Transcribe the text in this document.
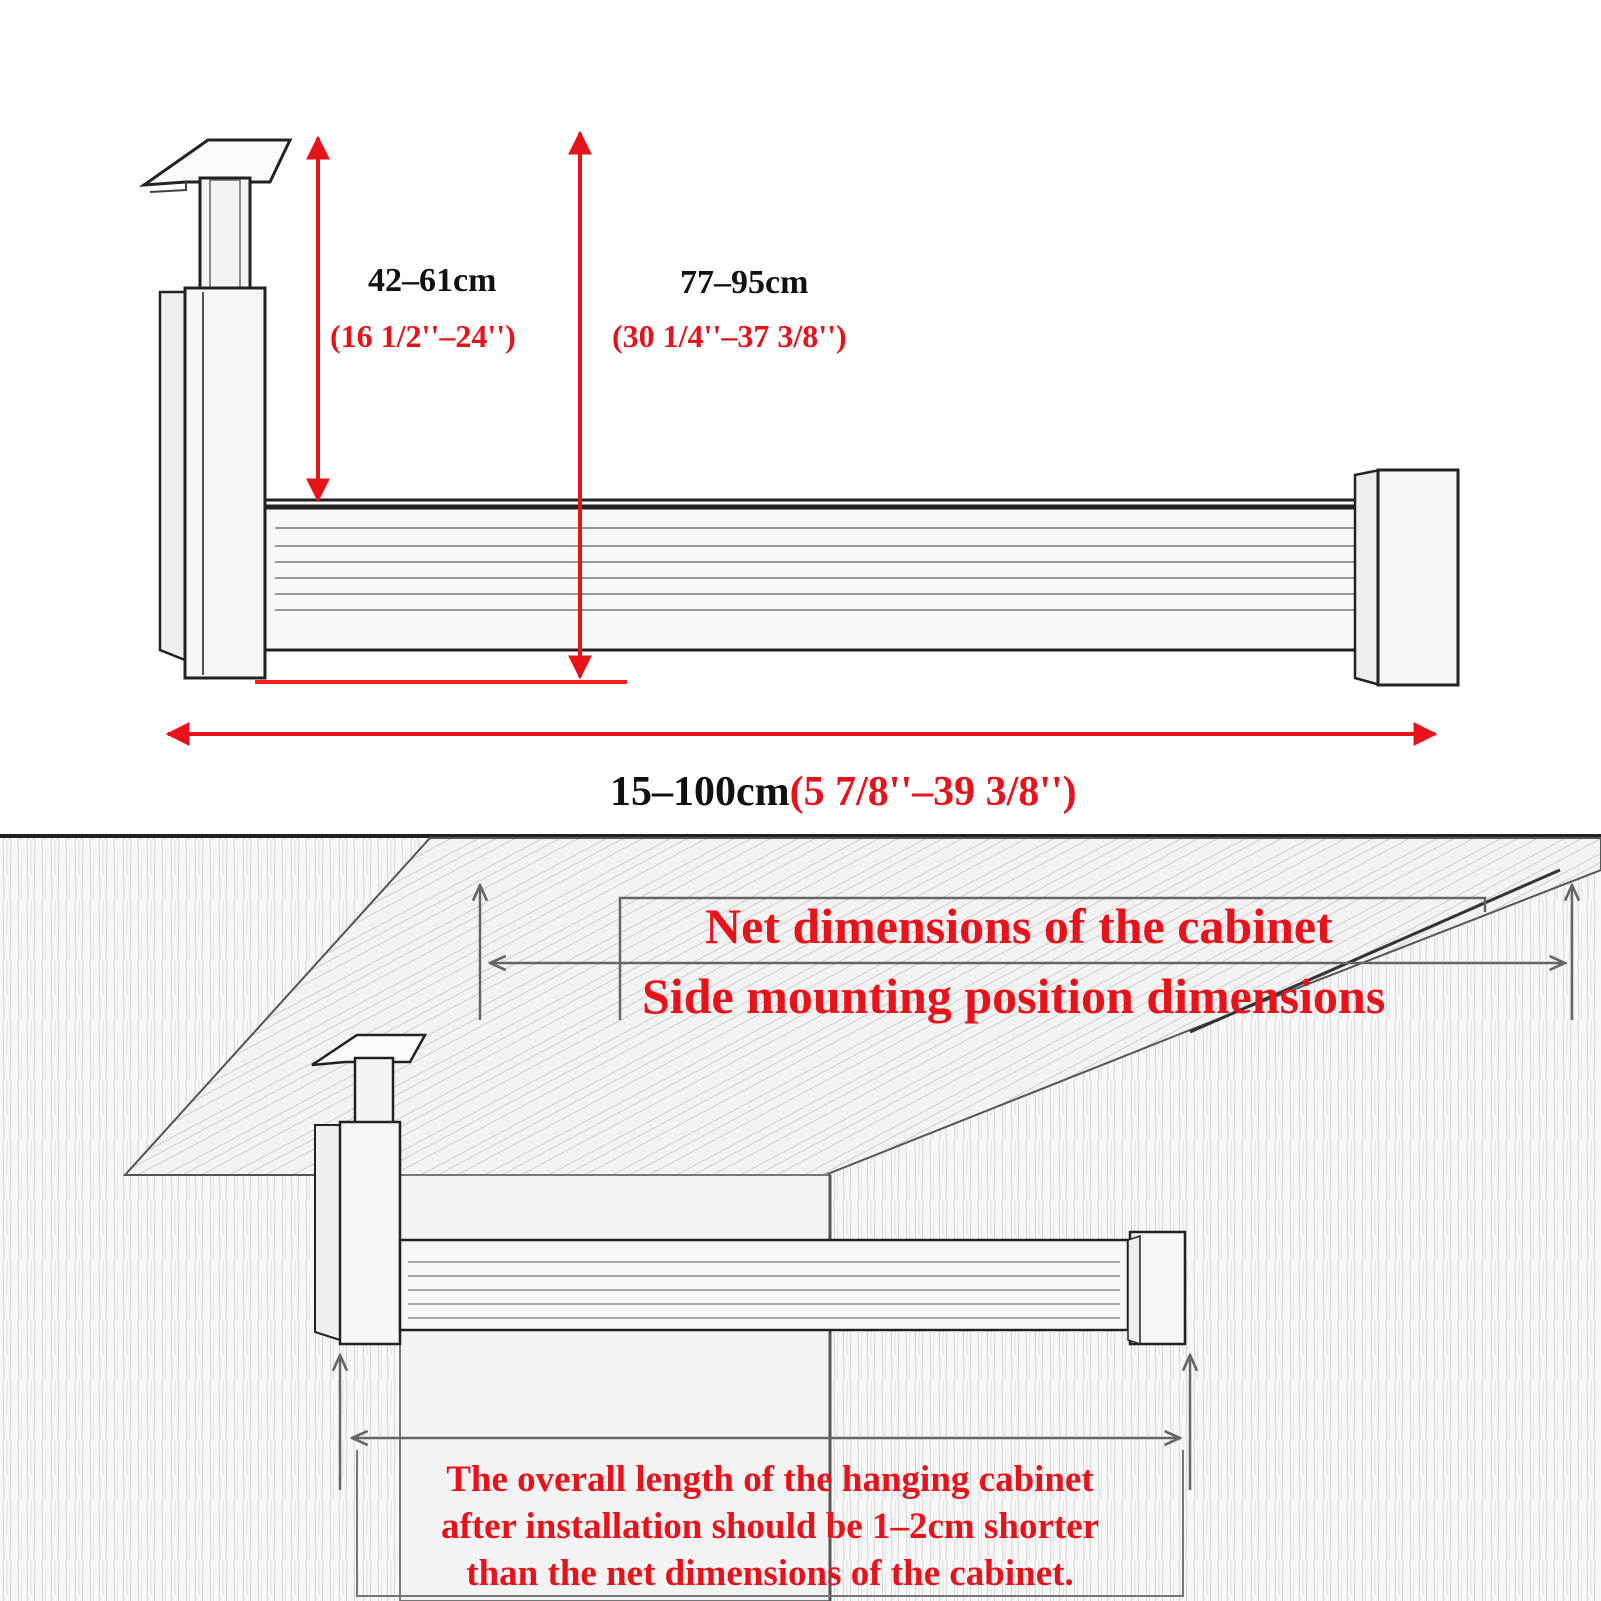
42–61cm
(16 1/2''–24'')
77–95cm
(30 1/4''–37 3/8'')
15–100cm(5 7/8''–39 3/8'')
Net dimensions of the cabinet
Side mounting position dimensions
The overall length of the hanging cabinet
after installation should be 1–2cm shorter
than the net dimensions of the cabinet.
